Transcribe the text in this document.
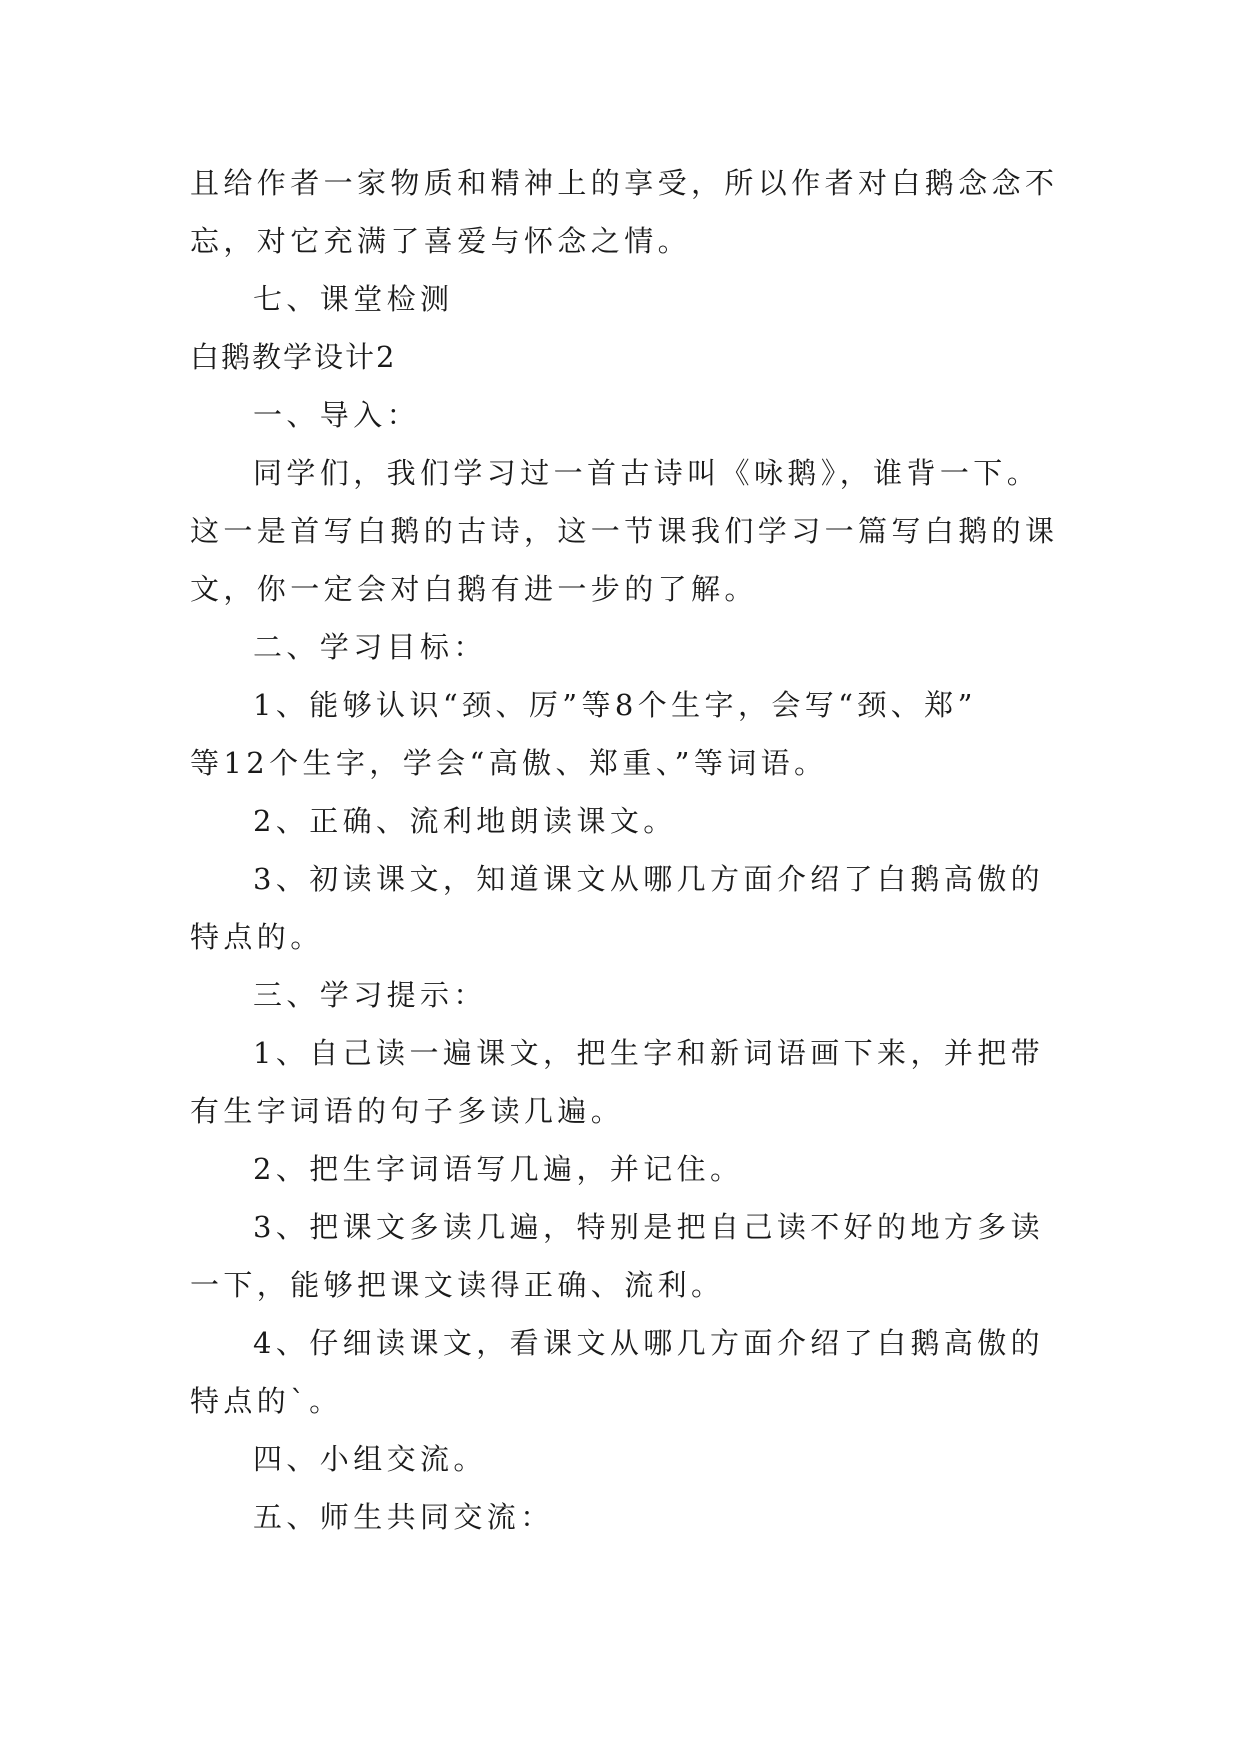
且给作者一家物质和精神上的享受，所以作者对白鹅念念不
忘，对它充满了喜爱与怀念之情。
七、课堂检测
白鹅教学设计2
一、导入：
同学们，我们学习过一首古诗叫《咏鹅》，谁背一下。
这一是首写白鹅的古诗，这一节课我们学习一篇写白鹅的课
文，你一定会对白鹅有进一步的了解。
二、学习目标：
1、能够认识“颈、厉”等8个生字，会写“颈、郑”
等12个生字，学会“高傲、郑重、”等词语。
2、正确、流利地朗读课文。
3、初读课文，知道课文从哪几方面介绍了白鹅高傲的
特点的。
三、学习提示：
1、自己读一遍课文，把生字和新词语画下来，并把带
有生字词语的句子多读几遍。
2、把生字词语写几遍，并记住。
3、把课文多读几遍，特别是把自己读不好的地方多读
一下，能够把课文读得正确、流利。
4、仔细读课文，看课文从哪几方面介绍了白鹅高傲的
特点的`。
四、小组交流。
五、师生共同交流：
